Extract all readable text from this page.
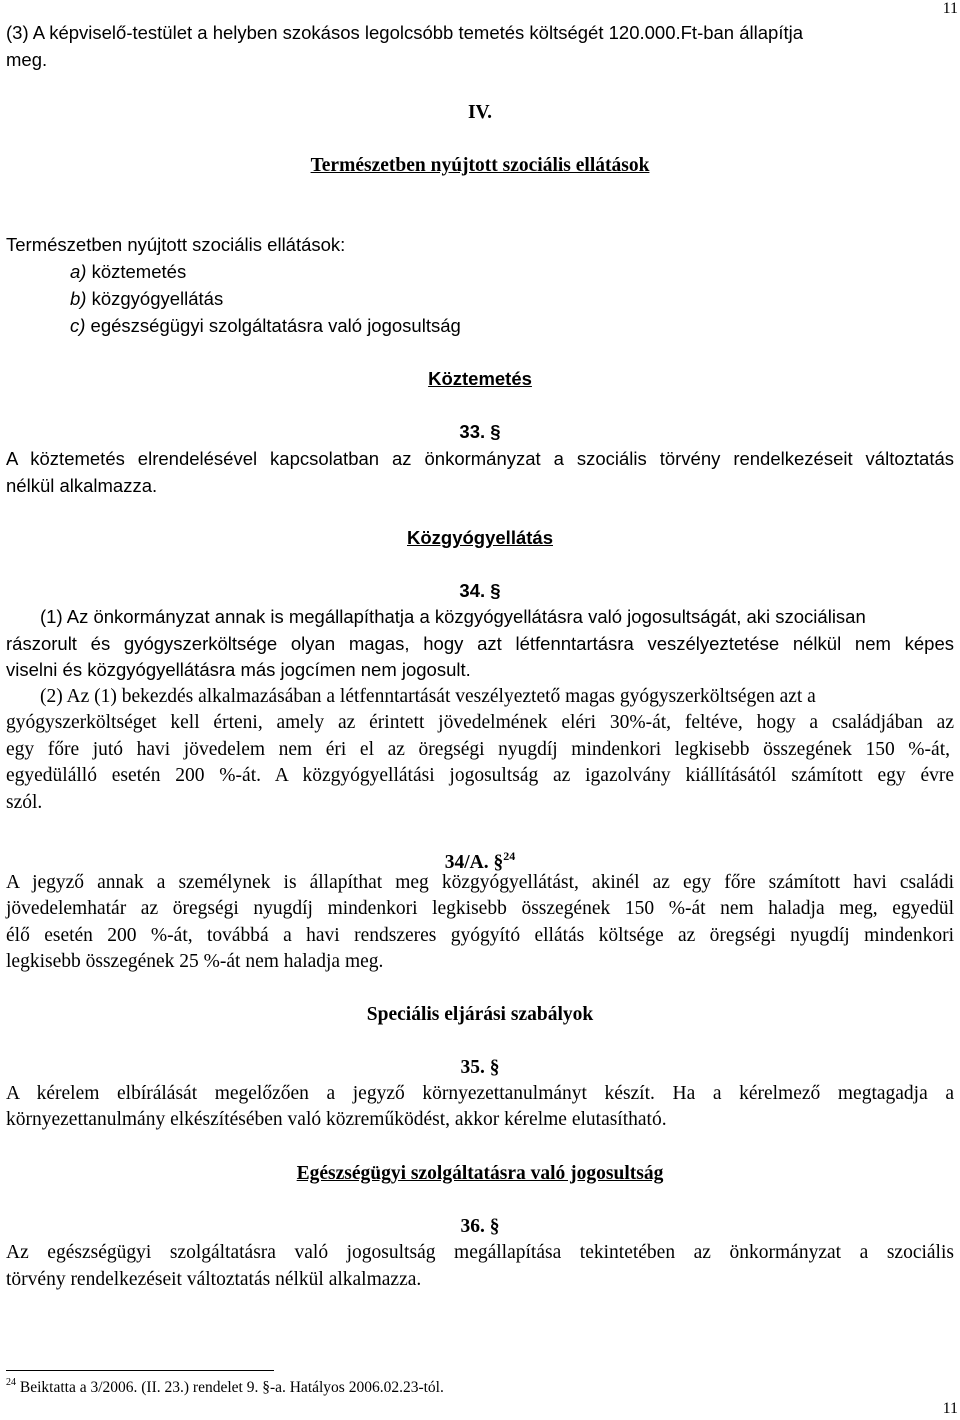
11
(3) A képviselő-testület a helyben szokásos legolcsóbb temetés költségét 120.000.Ft-ban állapítja
meg.
IV.
Természetben nyújtott szociális ellátások
Természetben nyújtott szociális ellátások:
a) köztemetés
b) közgyógyellátás
c) egészségügyi szolgáltatásra való jogosultság
Köztemetés
33. §
A köztemetés elrendelésével kapcsolatban az önkormányzat a szociális törvény rendelkezéseit változtatás
nélkül alkalmazza.
Közgyógyellátás
34. §
(1) Az önkormányzat annak is megállapíthatja a közgyógyellátásra való jogosultságát, aki szociálisan
rászorult és gyógyszerköltsége olyan magas, hogy azt létfenntartásra veszélyeztetése nélkül nem képes
viselni és közgyógyellátásra más jogcímen nem jogosult.
(2) Az (1) bekezdés alkalmazásában a létfenntartását veszélyeztető magas gyógyszerköltségen azt a
gyógyszerköltséget kell érteni, amely az érintett jövedelmének eléri 30%-át, feltéve, hogy a családjában az
egy főre jutó havi jövedelem nem éri el az öregségi nyugdíj mindenkori legkisebb összegének 150 %-át,
egyedülálló esetén 200 %-át. A közgyógyellátási jogosultság az igazolvány kiállításától számított egy évre
szól.
34/A. §$^{24}$
A jegyző annak a személynek is állapíthat meg közgyógyellátást, akinél az egy főre számított havi családi
jövedelemhatár az öregségi nyugdíj mindenkori legkisebb összegének 150 %-át nem haladja meg, egyedül
élő esetén 200 %-át, továbbá a havi rendszeres gyógyító ellátás költsége az öregségi nyugdíj mindenkori
legkisebb összegének 25 %-át nem haladja meg.
Speciális eljárási szabályok
35. §
A kérelem elbírálását megelőzően a jegyző környezettanulmányt készít. Ha a kérelmező megtagadja a
környezettanulmány elkészítésében való közreműködést, akkor kérelme elutasítható.
Egészségügyi szolgáltatásra való jogosultság
36. §
Az egészségügyi szolgáltatásra való jogosultság megállapítása tekintetében az önkormányzat a szociális
törvény rendelkezéseit változtatás nélkül alkalmazza.
$^{24}$ Beiktatta a 3/2006. (II. 23.) rendelet 9. §-a. Hatályos 2006.02.23-tól.
11
